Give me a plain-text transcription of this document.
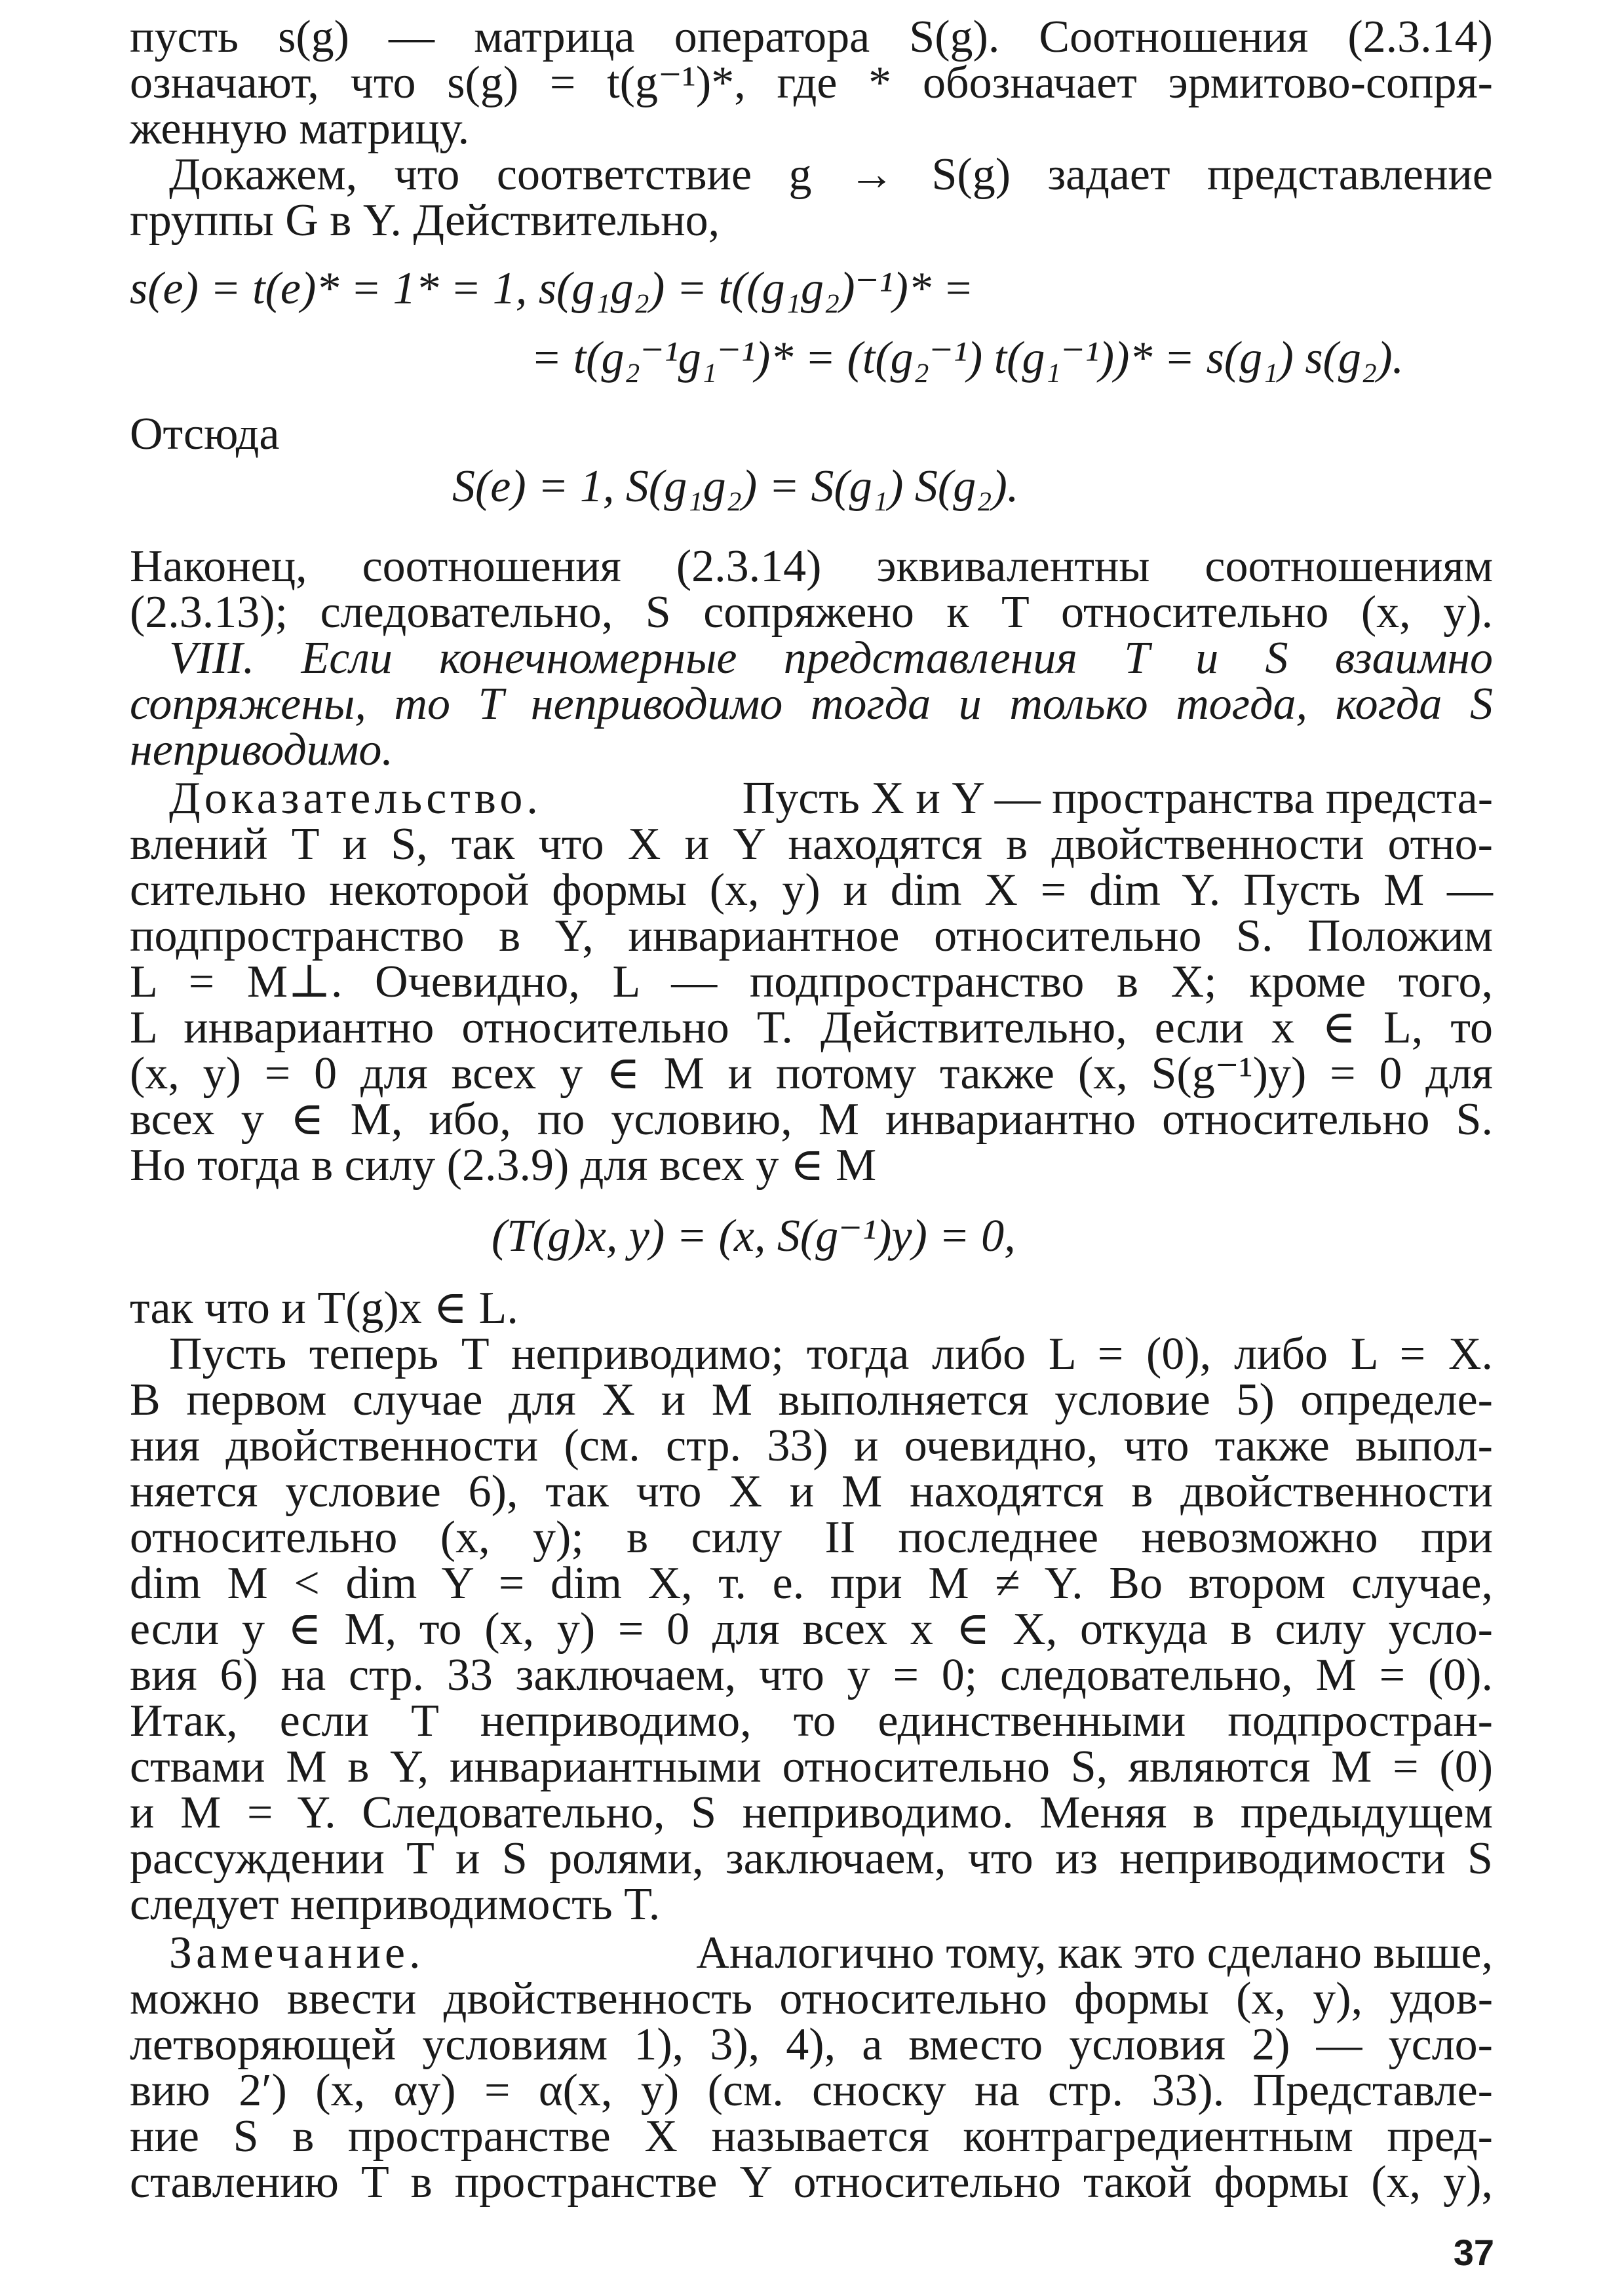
пусть s(g) — матрица оператора S(g). Соотношения (2.3.14)
означают, что s(g) = t(g⁻¹)*, где * обозначает эрмитово-сопря-
женную матрицу.
Докажем, что соответствие g → S(g) задает представление
группы G в Y. Действительно,
s(e) = t(e)* = 1* = 1, s(g₁g₂) = t((g₁g₂)⁻¹)* =
= t(g₂⁻¹g₁⁻¹)* = (t(g₂⁻¹) t(g₁⁻¹))* = s(g₁) s(g₂).
Отсюда
S(e) = 1, S(g₁g₂) = S(g₁) S(g₂).
Наконец, соотношения (2.3.14) эквивалентны соотношениям
(2.3.13); следовательно, S сопряжено к T относительно (x, y).
VIII. Если конечномерные представления T и S взаимно
сопряжены, то T неприводимо тогда и только тогда, когда S
неприводимо.
Доказательство.	Пусть X и Y — пространства предста-
влений T и S, так что X и Y находятся в двойственности отно-
сительно некоторой формы (x, y) и dim X = dim Y. Пусть M —
подпространство в Y, инвариантное относительно S. Положим
L = M⊥. Очевидно, L — подпространство в X; кроме того,
L инвариантно относительно T. Действительно, если x ∈ L, то
(x, y) = 0 для всех y ∈ M и потому также (x, S(g⁻¹)y) = 0 для
всех y ∈ M, ибо, по условию, M инвариантно относительно S.
Но тогда в силу (2.3.9) для всех y ∈ M
(T(g)x, y) = (x, S(g⁻¹)y) = 0,
так что и T(g)x ∈ L.
Пусть теперь T неприводимо; тогда либо L = (0), либо L = X.
В первом случае для X и M выполняется условие 5) определе-
ния двойственности (см. стр. 33) и очевидно, что также выпол-
няется условие 6), так что X и M находятся в двойственности
относительно (x, y); в силу II последнее невозможно при
dim M < dim Y = dim X, т. е. при M ≠ Y. Во втором случае,
если y ∈ M, то (x, y) = 0 для всех x ∈ X, откуда в силу усло-
вия 6) на стр. 33 заключаем, что y = 0; следовательно, M = (0).
Итак, если T неприводимо, то единственными подпростран-
ствами M в Y, инвариантными относительно S, являются M = (0)
и M = Y. Следовательно, S неприводимо. Меняя в предыдущем
рассуждении T и S ролями, заключаем, что из неприводимости S
следует неприводимость T.
Замечание.	Аналогично тому, как это сделано выше,
можно ввести двойственность относительно формы (x, y), удов-
летворяющей условиям 1), 3), 4), а вместо условия 2) — усло-
вию 2′) (x, αy) = α(x, y) (см. сноску на стр. 33). Представле-
ние S в пространстве X называется контрагредиентным пред-
ставлению T в пространстве Y относительно такой формы (x, y),
37
